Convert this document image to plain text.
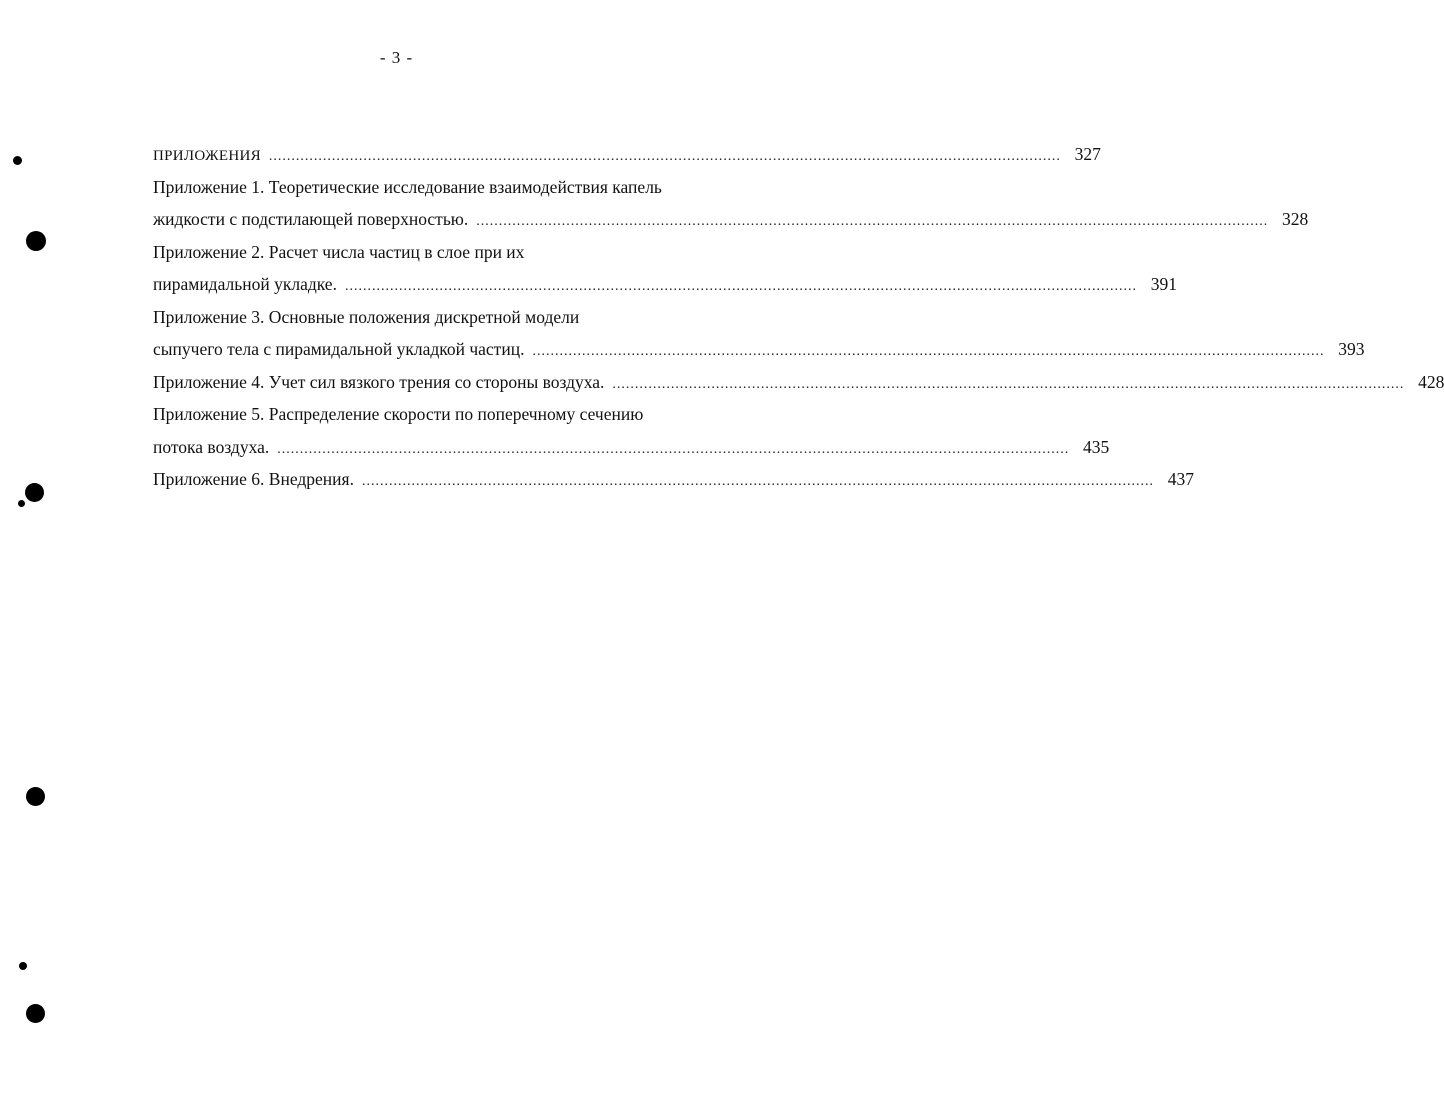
- 3 -
ПРИЛОЖЕНИЯ ................................................................................................................................................................................ 327
Приложение 1. Теоретические исследование взаимодействия капель
жидкости с подстилающей поверхностью. ................................................................................................................................................................................ 328
Приложение 2. Расчет числа частиц в слое при их
пирамидальной укладке. ................................................................................................................................................................................ 391
Приложение 3. Основные положения дискретной модели
сыпучего тела с пирамидальной укладкой частиц. ................................................................................................................................................................................ 393
Приложение 4. Учет сил вязкого трения со стороны воздуха. ................................................................................................................................................................................ 428
Приложение 5. Распределение скорости по поперечному сечению
потока воздуха. ................................................................................................................................................................................ 435
Приложение 6. Внедрения. ................................................................................................................................................................................ 437
